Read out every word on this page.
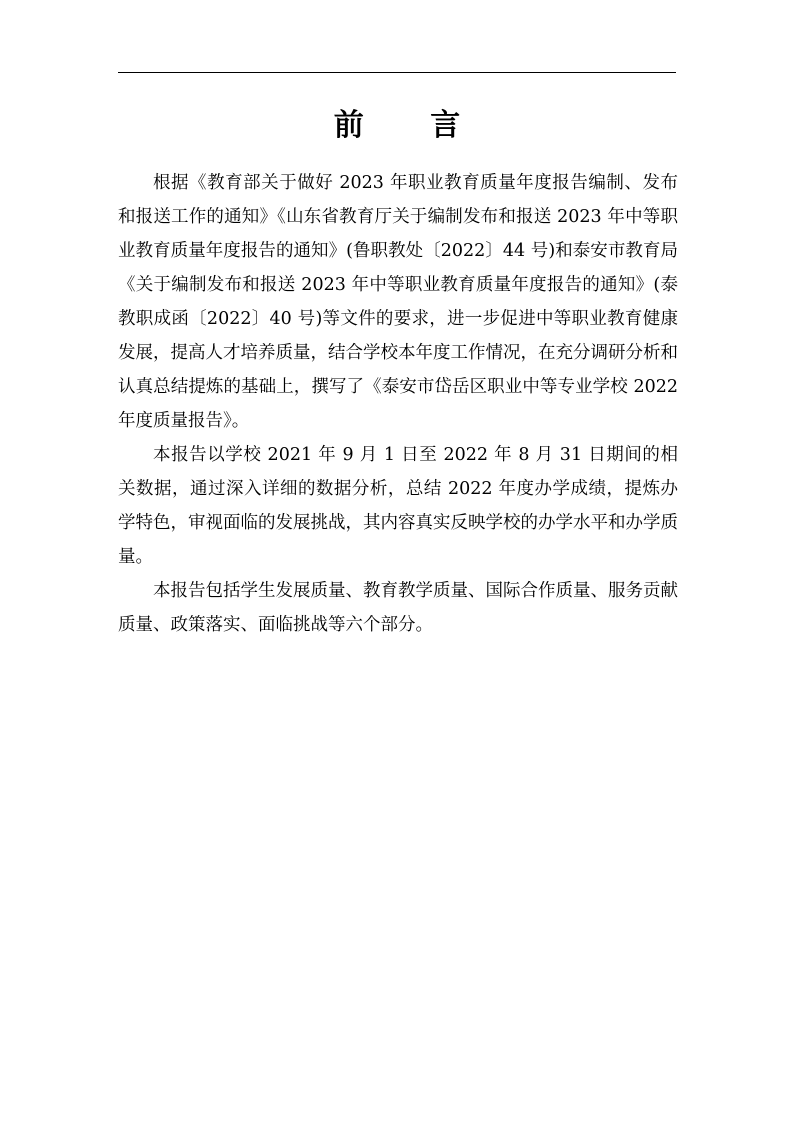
前 言

根据《教育部关于做好 2023 年职业教育质量年度报告编制、发布和报送工作的通知》《山东省教育厅关于编制发布和报送 2023 年中等职业教育质量年度报告的通知》(鲁职教处〔2022〕44 号)和泰安市教育局《关于编制发布和报送 2023 年中等职业教育质量年度报告的通知》(泰教职成函〔2022〕40 号)等文件的要求，进一步促进中等职业教育健康发展，提高人才培养质量，结合学校本年度工作情况，在充分调研分析和认真总结提炼的基础上，撰写了《泰安市岱岳区职业中等专业学校 2022 年度质量报告》。

本报告以学校 2021 年 9 月 1 日至 2022 年 8 月 31 日期间的相关数据，通过深入详细的数据分析，总结 2022 年度办学成绩，提炼办学特色，审视面临的发展挑战，其内容真实反映学校的办学水平和办学质量。

本报告包括学生发展质量、教育教学质量、国际合作质量、服务贡献质量、政策落实、面临挑战等六个部分。
